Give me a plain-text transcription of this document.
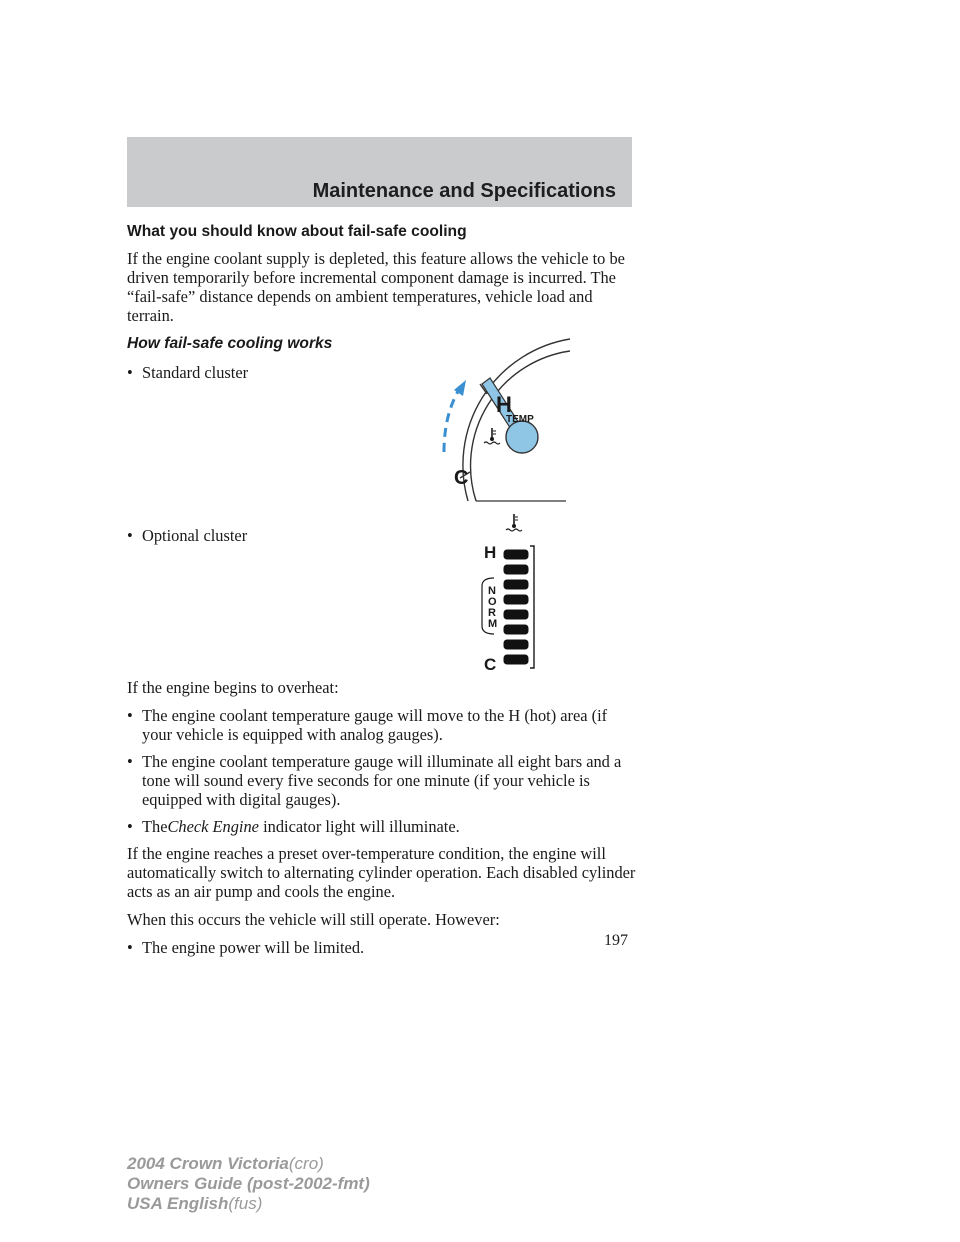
Maintenance and Specifications
What you should know about fail-safe cooling

If the engine coolant supply is depleted, this feature allows the vehicle to be driven temporarily before incremental component damage is incurred. The “fail-safe” distance depends on ambient temperatures, vehicle load and terrain.

How fail-safe cooling works
• Standard cluster
• Optional cluster

If the engine begins to overheat:

• The engine coolant temperature gauge will move to the H (hot) area (if your vehicle is equipped with analog gauges).
• The engine coolant temperature gauge will illuminate all eight bars and a tone will sound every five seconds for one minute (if your vehicle is equipped with digital gauges).
• TheCheck Engine indicator light will illuminate.

If the engine reaches a preset over-temperature condition, the engine will automatically switch to alternating cylinder operation. Each disabled cylinder acts as an air pump and cools the engine.

When this occurs the vehicle will still operate. However:

• The engine power will be limited.
H
TEMP
C
H
C
N
O
R
M
197
2004 Crown Victoria(cro)
Owners Guide (post-2002-fmt)
USA English(fus)
